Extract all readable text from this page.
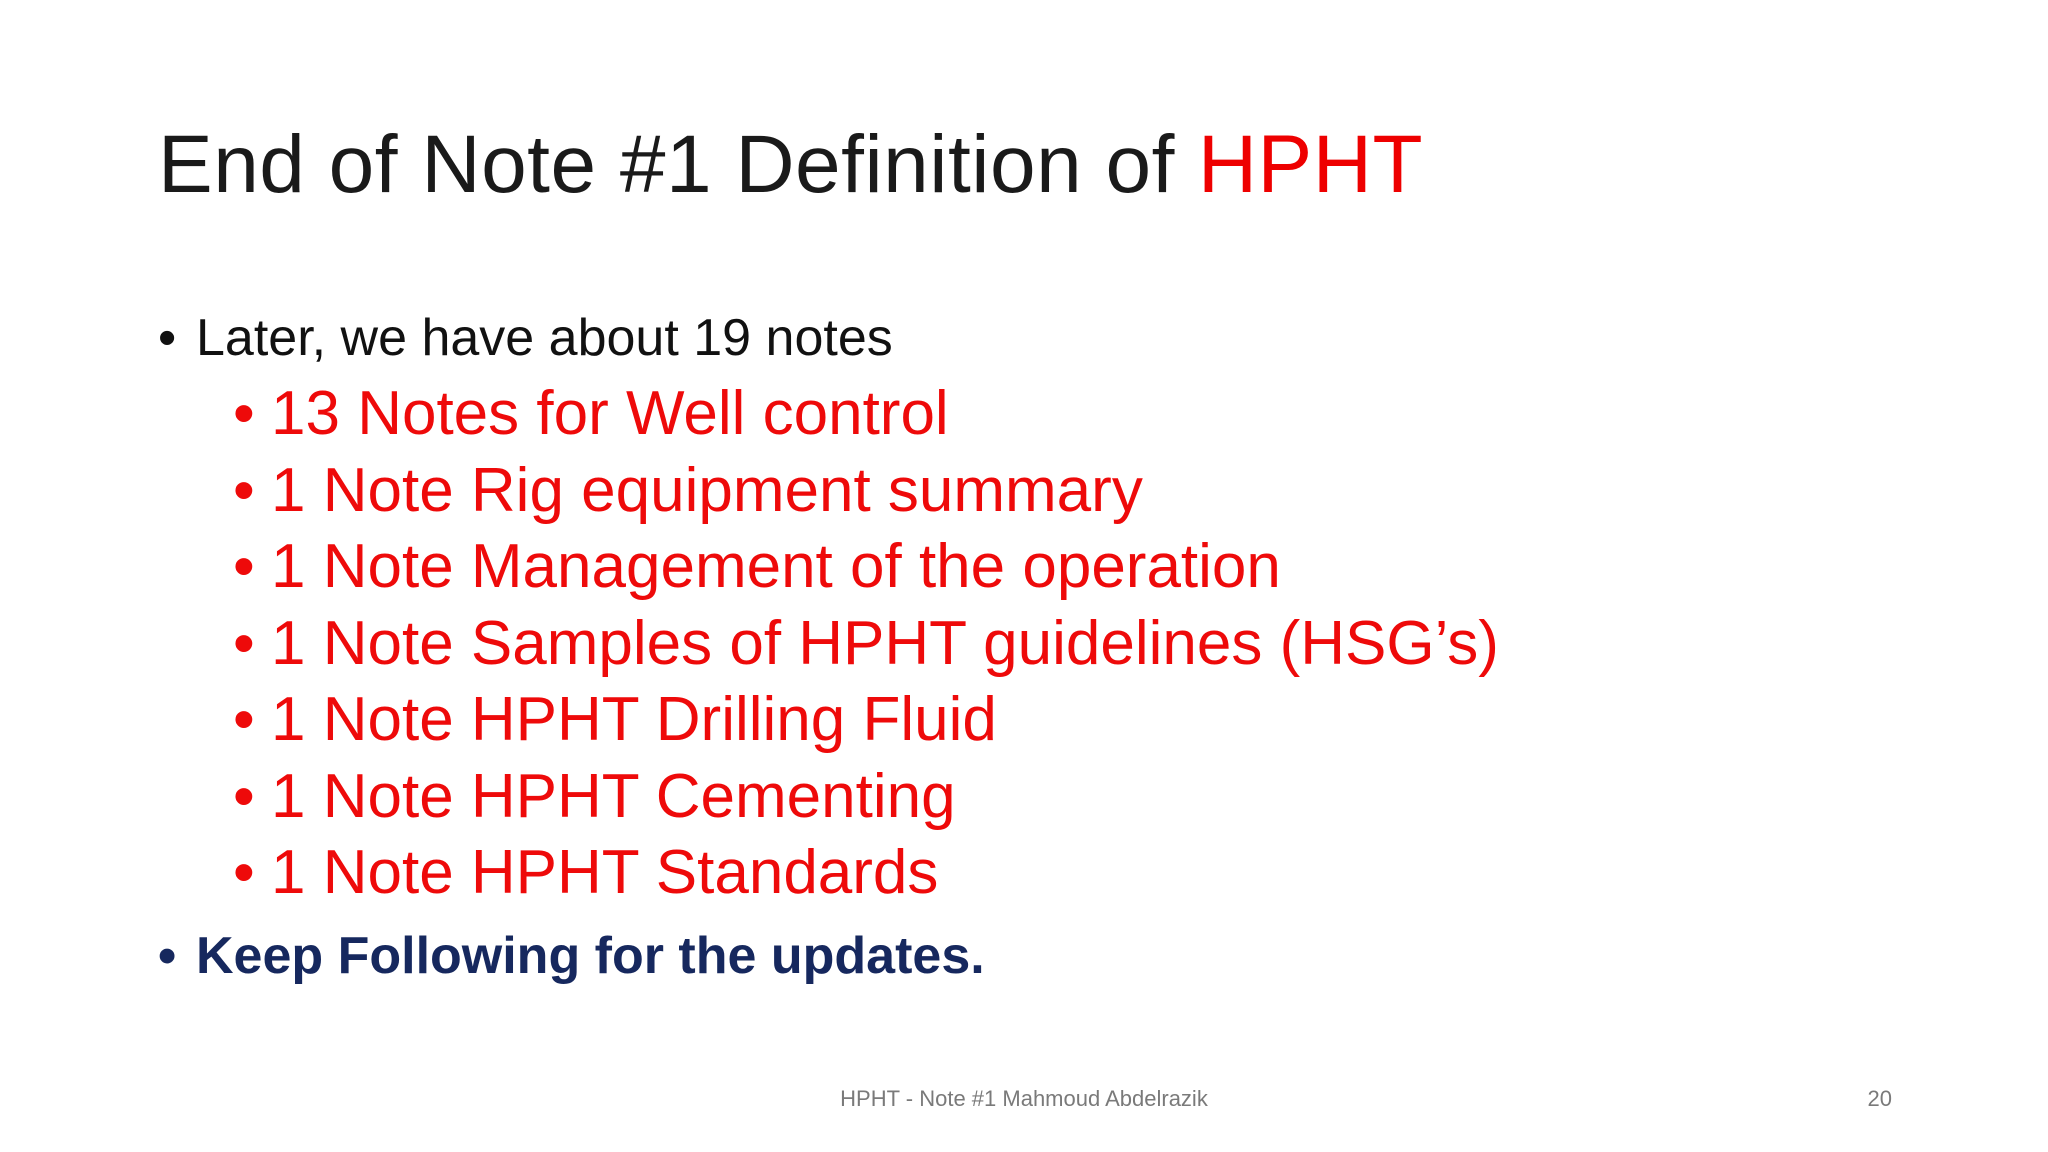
End of Note #1 Definition of HPHT
• Later, we have about 19 notes
• 13 Notes for Well control
• 1 Note Rig equipment summary
• 1 Note Management of the operation
• 1 Note Samples of HPHT guidelines (HSG’s)
• 1 Note HPHT Drilling Fluid
• 1 Note HPHT Cementing
• 1 Note HPHT Standards
• Keep Following for the updates.
HPHT - Note #1 Mahmoud Abdelrazik	20
